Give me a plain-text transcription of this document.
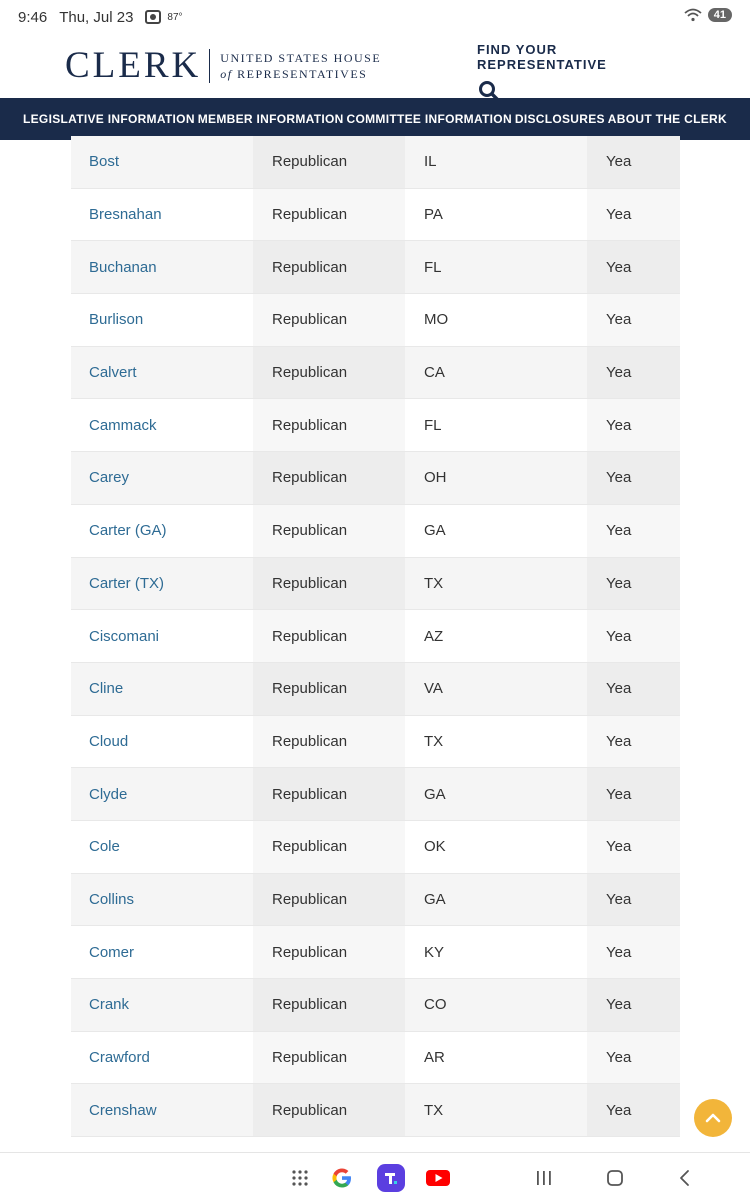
9:46 Thu, Jul 23	87°	41
CLERK UNITED STATES HOUSE
of REPRESENTATIVES
FIND YOUR REPRESENTATIVE
LEGISLATIVE INFORMATION MEMBER INFORMATION COMMITTEE INFORMATION DISCLOSURES ABOUT THE CLERK
Bost	Republican	IL	Yea
Bresnahan	Republican	PA	Yea
Buchanan	Republican	FL	Yea
Burlison	Republican	MO	Yea
Calvert	Republican	CA	Yea
Cammack	Republican	FL	Yea
Carey	Republican	OH	Yea
Carter (GA)	Republican	GA	Yea
Carter (TX)	Republican	TX	Yea
Ciscomani	Republican	AZ	Yea
Cline	Republican	VA	Yea
Cloud	Republican	TX	Yea
Clyde	Republican	GA	Yea
Cole	Republican	OK	Yea
Collins	Republican	GA	Yea
Comer	Republican	KY	Yea
Crank	Republican	CO	Yea
Crawford	Republican	AR	Yea
Crenshaw	Republican	TX	Yea
